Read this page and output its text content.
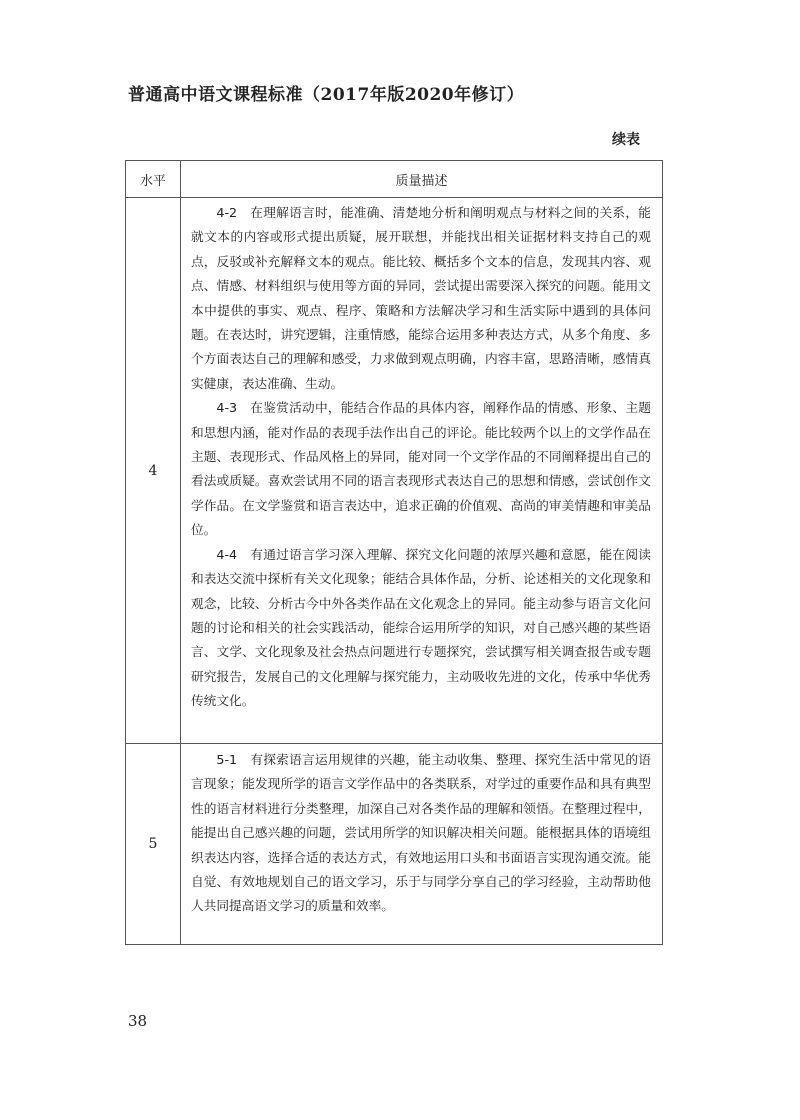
普通高中语文课程标准（2017年版2020年修订）
续表
水平	质量描述
4	4-2　在理解语言时，能准确、清楚地分析和阐明观点与材料之间的关系，能就文本的内容或形式提出质疑，展开联想，并能找出相关证据材料支持自己的观点，反驳或补充解释文本的观点。能比较、概括多个文本的信息，发现其内容、观点、情感、材料组织与使用等方面的异同，尝试提出需要深入探究的问题。能用文本中提供的事实、观点、程序、策略和方法解决学习和生活实际中遇到的具体问题。在表达时，讲究逻辑，注重情感，能综合运用多种表达方式，从多个角度、多个方面表达自己的理解和感受，力求做到观点明确，内容丰富，思路清晰，感情真实健康，表达准确、生动。

4-3　在鉴赏活动中，能结合作品的具体内容，阐释作品的情感、形象、主题和思想内涵，能对作品的表现手法作出自己的评论。能比较两个以上的文学作品在主题、表现形式、作品风格上的异同，能对同一个文学作品的不同阐释提出自己的看法或质疑。喜欢尝试用不同的语言表现形式表达自己的思想和情感，尝试创作文学作品。在文学鉴赏和语言表达中，追求正确的价值观、高尚的审美情趣和审美品位。

4-4　有通过语言学习深入理解、探究文化问题的浓厚兴趣和意愿，能在阅读和表达交流中探析有关文化现象；能结合具体作品，分析、论述相关的文化现象和观念，比较、分析古今中外各类作品在文化观念上的异同。能主动参与语言文化问题的讨论和相关的社会实践活动，能综合运用所学的知识，对自己感兴趣的某些语言、文学、文化现象及社会热点问题进行专题探究，尝试撰写相关调查报告或专题研究报告，发展自己的文化理解与探究能力，主动吸收先进的文化，传承中华优秀传统文化。

5	5-1　有探索语言运用规律的兴趣，能主动收集、整理、探究生活中常见的语言现象；能发现所学的语言文学作品中的各类联系，对学过的重要作品和具有典型性的语言材料进行分类整理，加深自己对各类作品的理解和领悟。在整理过程中，能提出自己感兴趣的问题，尝试用所学的知识解决相关问题。能根据具体的语境组织表达内容，选择合适的表达方式，有效地运用口头和书面语言实现沟通交流。能自觉、有效地规划自己的语文学习，乐于与同学分享自己的学习经验，主动帮助他人共同提高语文学习的质量和效率。

38
